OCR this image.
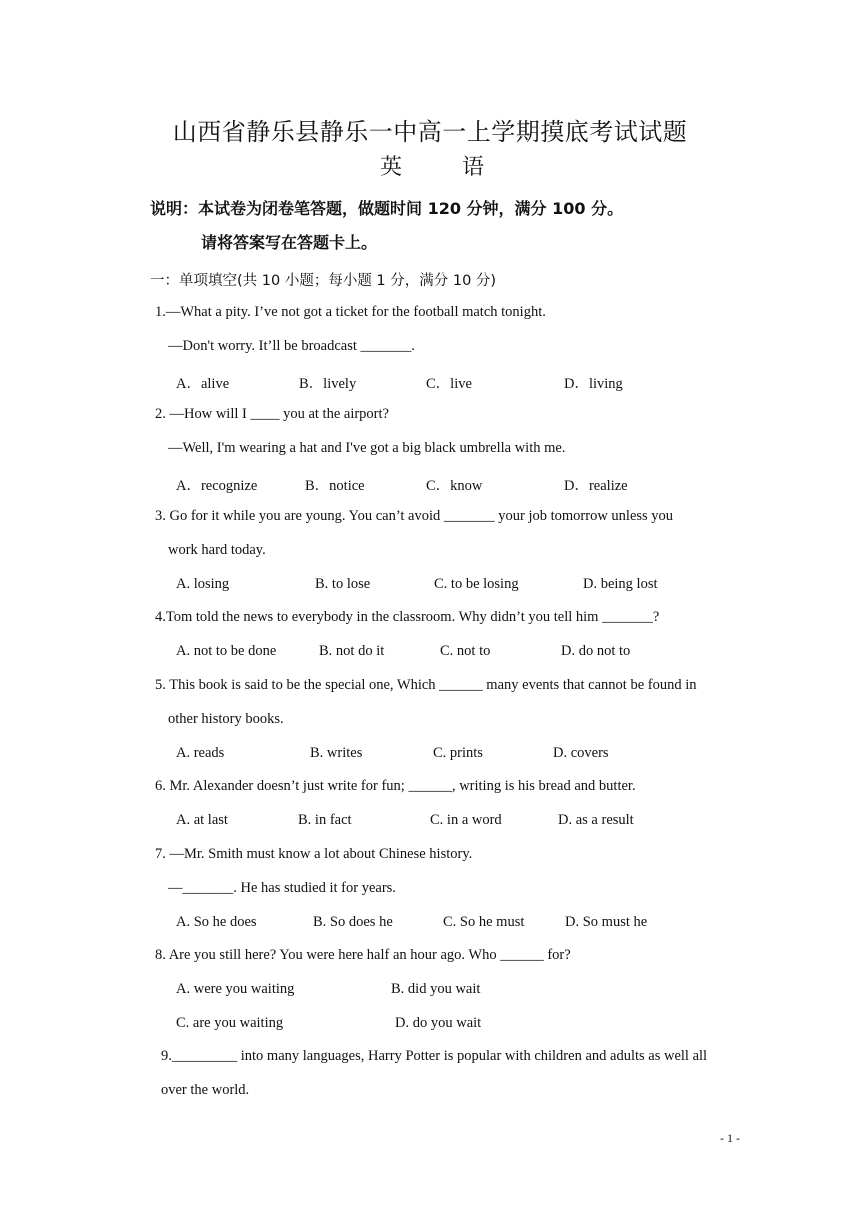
山西省静乐县静乐一中高一上学期摸底考试试题
英	语
说明：本试卷为闭卷笔答题，做题时间 120 分钟，满分 100 分。
请将答案写在答题卡上。
一：单项填空(共 10 小题；每小题 1 分，满分 10 分)
1.—What a pity. I’ve not got a ticket for the football match tonight.
—Don't worry. It’ll be broadcast _______.
A．alive	B．lively	C．live	D．living
2. —How will I ____ you at the airport?
—Well, I'm wearing a hat and I've got a big black umbrella with me.
A．recognize	B．notice	C．know	D．realize
3. Go for it while you are young. You can’t avoid _______ your job tomorrow unless you
work hard today.
A. losing	B. to lose	C. to be losing	D. being lost
4.Tom told the news to everybody in the classroom. Why didn’t you tell him _______?
A. not to be done	B. not do it	C. not to	D. do not to
5. This book is said to be the special one, Which ______ many events that cannot be found in
other history books.
A. reads	B. writes	C. prints	D. covers
6. Mr. Alexander doesn’t just write for fun; ______, writing is his bread and butter.
A. at last	B. in fact	C. in a word	D. as a result
7. —Mr. Smith must know a lot about Chinese history.
—_______. He has studied it for years.
A. So he does	B. So does he	C. So he must	D. So must he
8. Are you still here? You were here half an hour ago. Who ______ for?
A. were you waiting	B. did you wait
C. are you waiting	D. do you wait
9._________ into many languages, Harry Potter is popular with children and adults as well all
over the world.
- 1 -
